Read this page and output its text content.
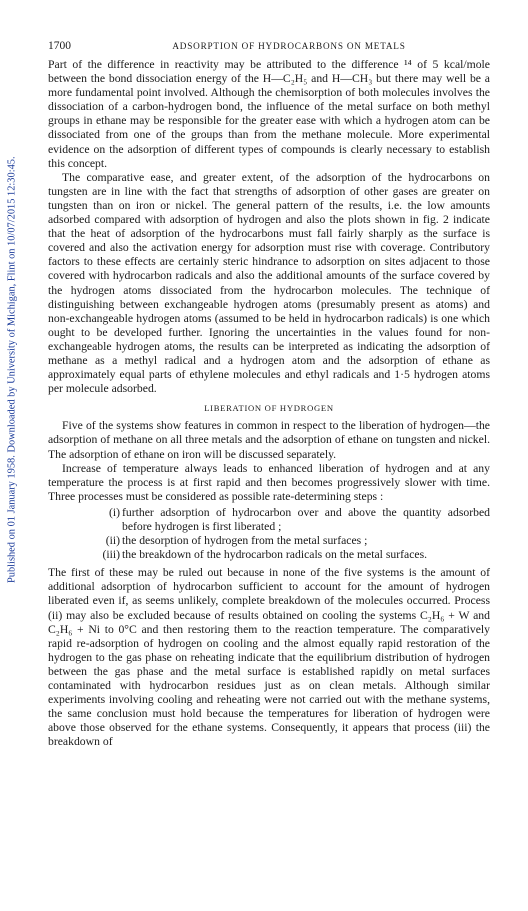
Published on 01 January 1958. Downloaded by University of Michigan, Flint on 10/07/2015 12:30:45.
1700	ADSORPTION OF HYDROCARBONS ON METALS

Part of the difference in reactivity may be attributed to the difference ¹⁴ of 5 kcal/mole between the bond dissociation energy of the H—C₂H₅ and H—CH₃ but there may well be a more fundamental point involved. Although the chemisorption of both molecules involves the dissociation of a carbon-hydrogen bond, the influence of the metal surface on both methyl groups in ethane may be responsible for the greater ease with which a hydrogen atom can be dissociated from one of the groups than from the methane molecule. More experimental evidence on the adsorption of different types of compounds is clearly necessary to establish this concept.

The comparative ease, and greater extent, of the adsorption of the hydrocarbons on tungsten are in line with the fact that strengths of adsorption of other gases are greater on tungsten than on iron or nickel. The general pattern of the results, i.e. the low amounts adsorbed compared with adsorption of hydrogen and also the plots shown in fig. 2 indicate that the heat of adsorption of the hydrocarbons must fall fairly sharply as the surface is covered and also the activation energy for adsorption must rise with coverage. Contributory factors to these effects are certainly steric hindrance to adsorption on sites adjacent to those covered with hydrocarbon radicals and also the additional amounts of the surface covered by the hydrogen atoms dissociated from the hydrocarbon molecules. The technique of distinguishing between exchangeable hydrogen atoms (presumably present as atoms) and non-exchangeable hydrogen atoms (assumed to be held in hydrocarbon radicals) is one which ought to be developed further. Ignoring the uncertainties in the values found for non-exchangeable hydrogen atoms, the results can be interpreted as indicating the adsorption of methane as a methyl radical and a hydrogen atom and the adsorption of ethane as approximately equal parts of ethylene molecules and ethyl radicals and 1·5 hydrogen atoms per molecule adsorbed.

LIBERATION OF HYDROGEN

Five of the systems show features in common in respect to the liberation of hydrogen—the adsorption of methane on all three metals and the adsorption of ethane on tungsten and nickel. The adsorption of ethane on iron will be discussed separately.

Increase of temperature always leads to enhanced liberation of hydrogen and at any temperature the process is at first rapid and then becomes progressively slower with time. Three processes must be considered as possible rate-determining steps :

(i) further adsorption of hydrocarbon over and above the quantity adsorbed before hydrogen is first liberated ;
(ii) the desorption of hydrogen from the metal surfaces ;
(iii) the breakdown of the hydrocarbon radicals on the metal surfaces.

The first of these may be ruled out because in none of the five systems is the amount of additional adsorption of hydrocarbon sufficient to account for the amount of hydrogen liberated even if, as seems unlikely, complete breakdown of the molecules occurred. Process (ii) may also be excluded because of results obtained on cooling the systems C₂H₆ + W and C₂H₆ + Ni to 0°C and then restoring them to the reaction temperature. The comparatively rapid re-adsorption of hydrogen on cooling and the almost equally rapid restoration of the hydrogen to the gas phase on reheating indicate that the equilibrium distribution of hydrogen between the gas phase and the metal surface is established rapidly on metal surfaces contaminated with hydrocarbon residues just as on clean metals. Although similar experiments involving cooling and reheating were not carried out with the methane systems, the same conclusion must hold because the temperatures for liberation of hydrogen were above those observed for the ethane systems. Consequently, it appears that process (iii) the breakdown of
